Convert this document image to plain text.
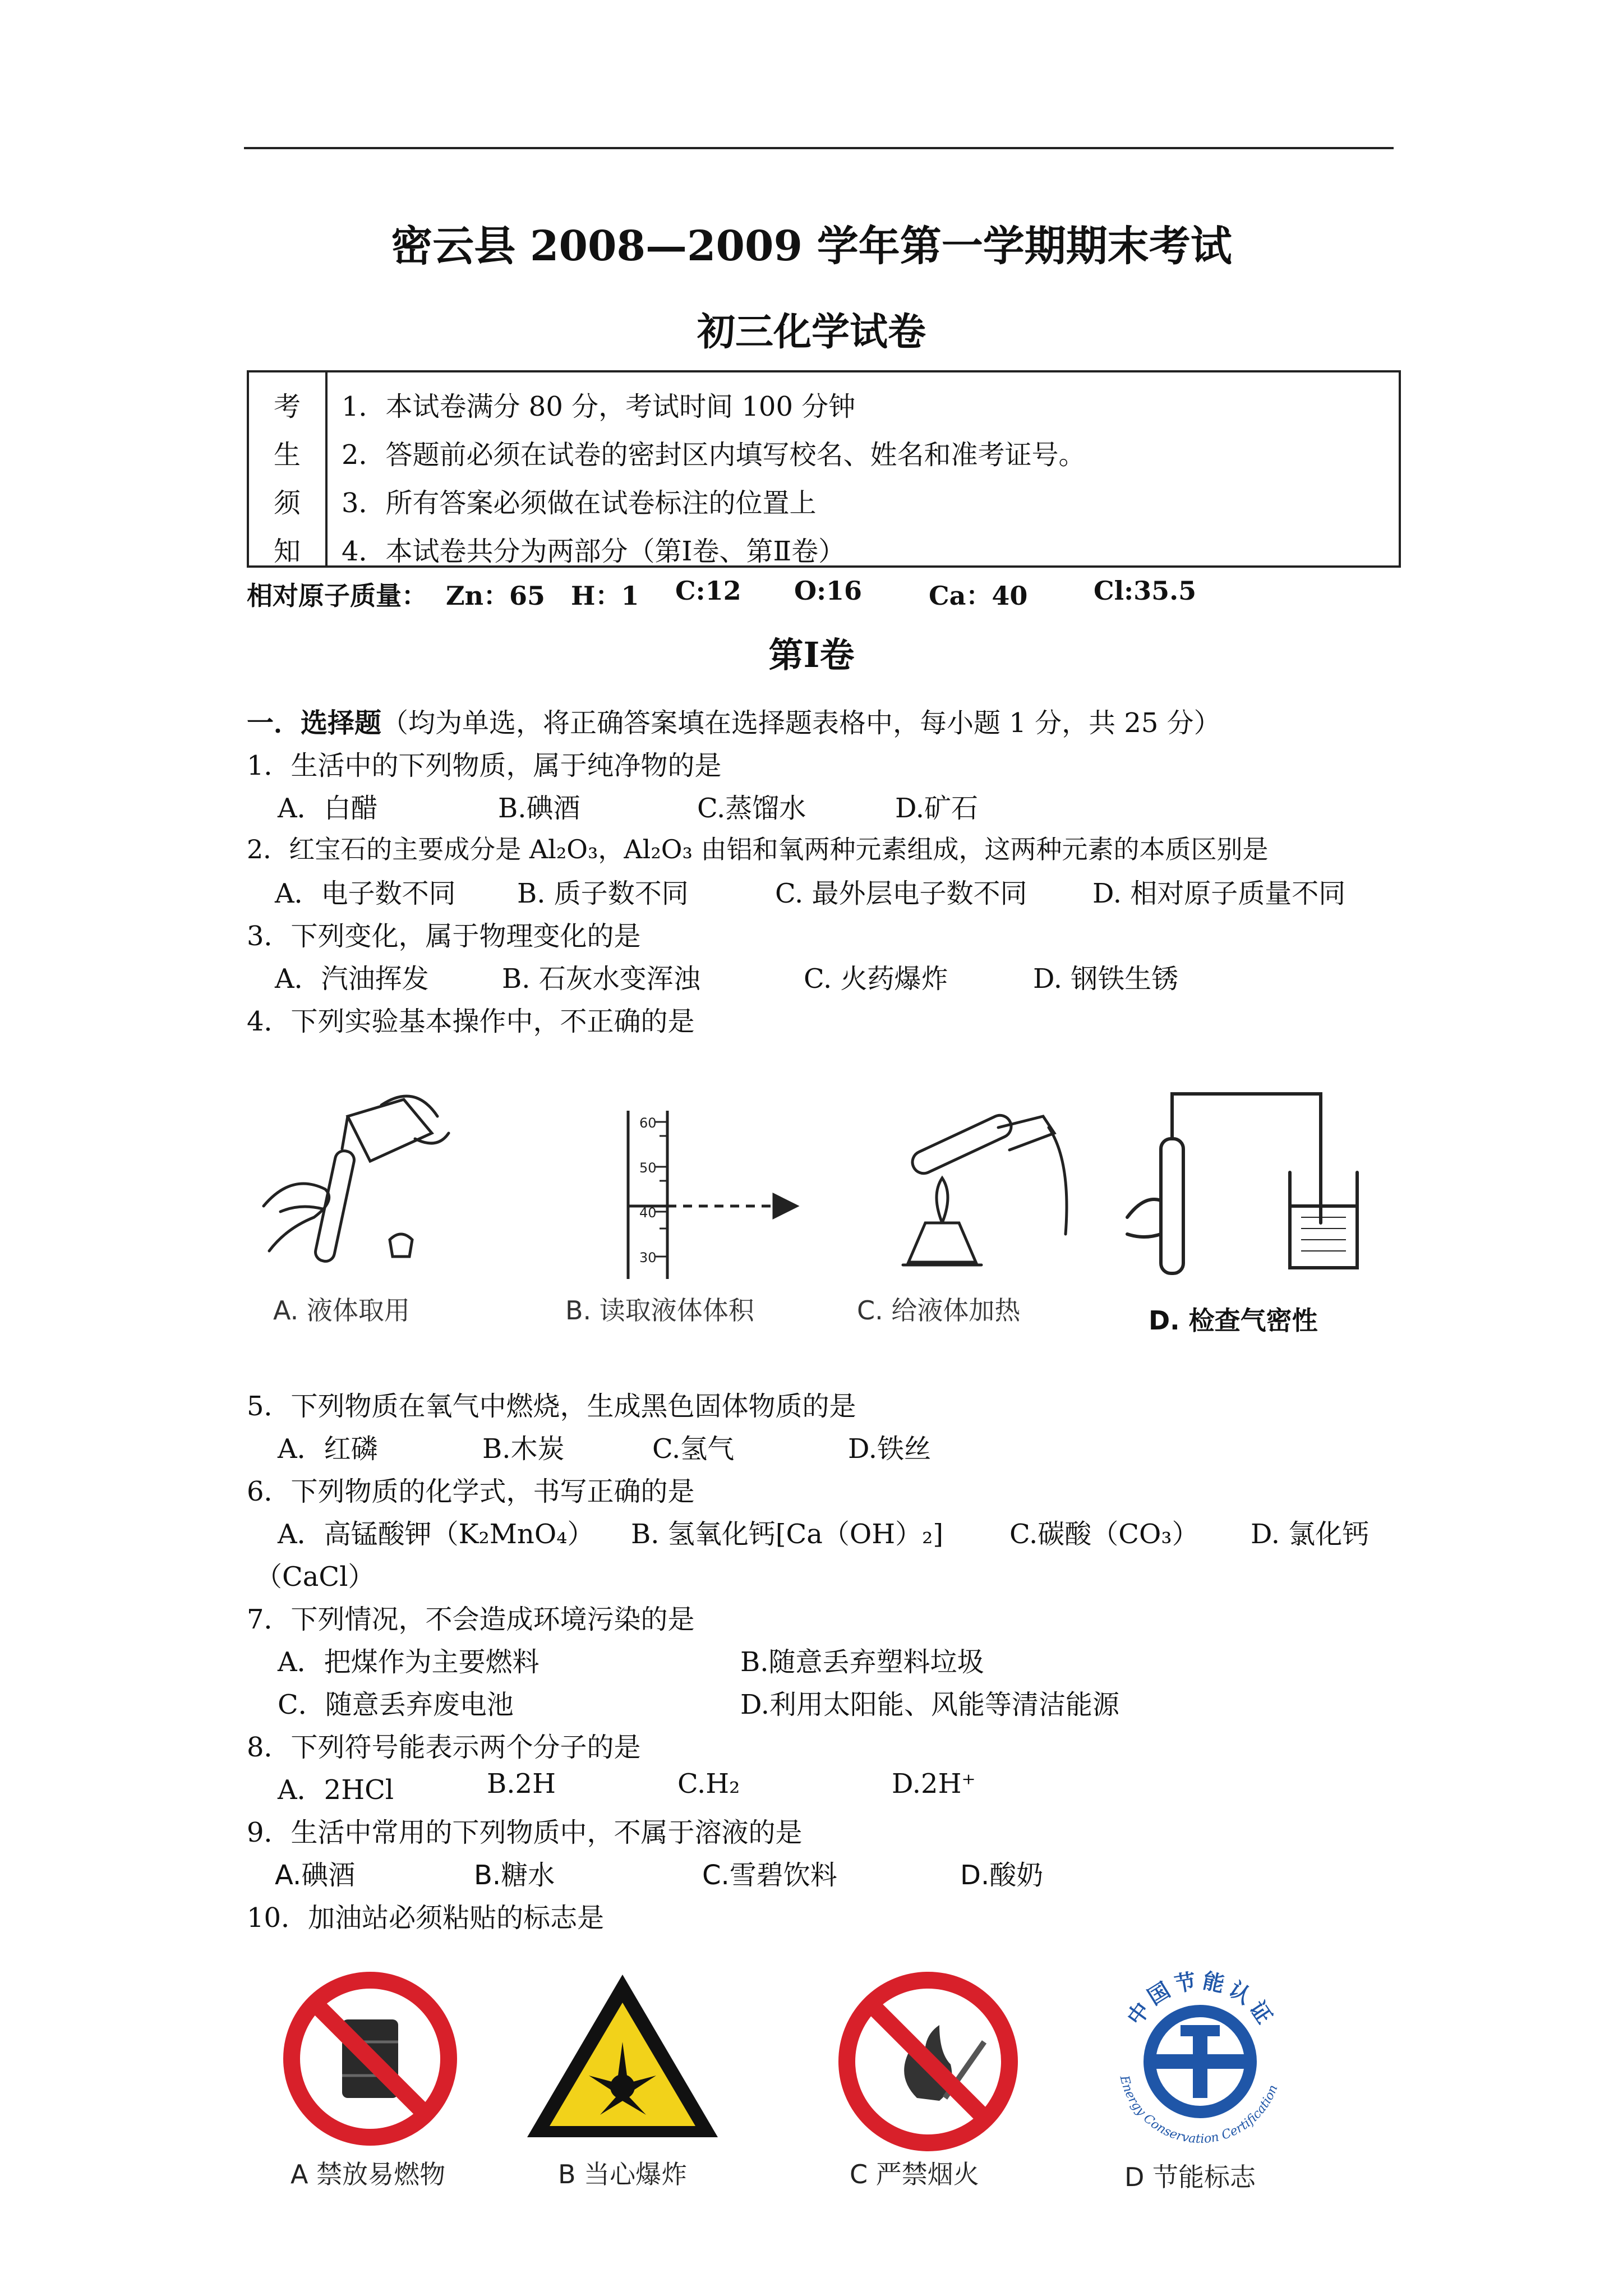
密云县 2008—2009 学年第一学期期末考试
初三化学试卷
考
生
须
知
1．本试卷满分 80 分，考试时间 100 分钟
2．答题前必须在试卷的密封区内填写校名、姓名和准考证号。
3．所有答案必须做在试卷标注的位置上
4．本试卷共分为两部分（第Ⅰ卷、第Ⅱ卷）
相对原子质量： Zn：65 H：1 C:12 O:16	Ca：40	Cl:35.5
第Ⅰ卷
一．选择题（均为单选，将正确答案填在选择题表格中，每小题 1 分，共 25 分）
1．生活中的下列物质，属于纯净物的是
A．白醋	B.碘酒	C.蒸馏水	D.矿石
2．红宝石的主要成分是 Al₂O₃，Al₂O₃ 由铝和氧两种元素组成，这两种元素的本质区别是
A．电子数不同 B. 质子数不同	C. 最外层电子数不同 D. 相对原子质量不同
3．下列变化，属于物理变化的是
A．汽油挥发	B. 石灰水变浑浊	C. 火药爆炸	D. 钢铁生锈
4．下列实验基本操作中，不正确的是
A. 液体取用
60
50
40
30
B. 读取液体体积	C. 给液体加热	D. 检查气密性
5．下列物质在氧气中燃烧，生成黑色固体物质的是
A．红磷	B.木炭	C.氢气	D.铁丝
6．下列物质的化学式，书写正确的是
A．高锰酸钾（K₂MnO₄） B. 氢氧化钙[Ca（OH）₂] C.碳酸（CO₃） D. 氯化钙
（CaCl）
7．下列情况，不会造成环境污染的是
A．把煤作为主要燃料	B.随意丢弃塑料垃圾
C．随意丢弃废电池	D.利用太阳能、风能等清洁能源
8．下列符号能表示两个分子的是
A．2HCl	B.2H	C.H₂	D.2H⁺
9．生活中常用的下列物质中，不属于溶液的是
A.碘酒	B.糖水	C.雪碧饮料	D.酸奶
10．加油站必须粘贴的标志是
A 禁放易燃物	B 当心爆炸	C 严禁烟火
中国节能认证
Energy Conservation Certification
D 节能标志
